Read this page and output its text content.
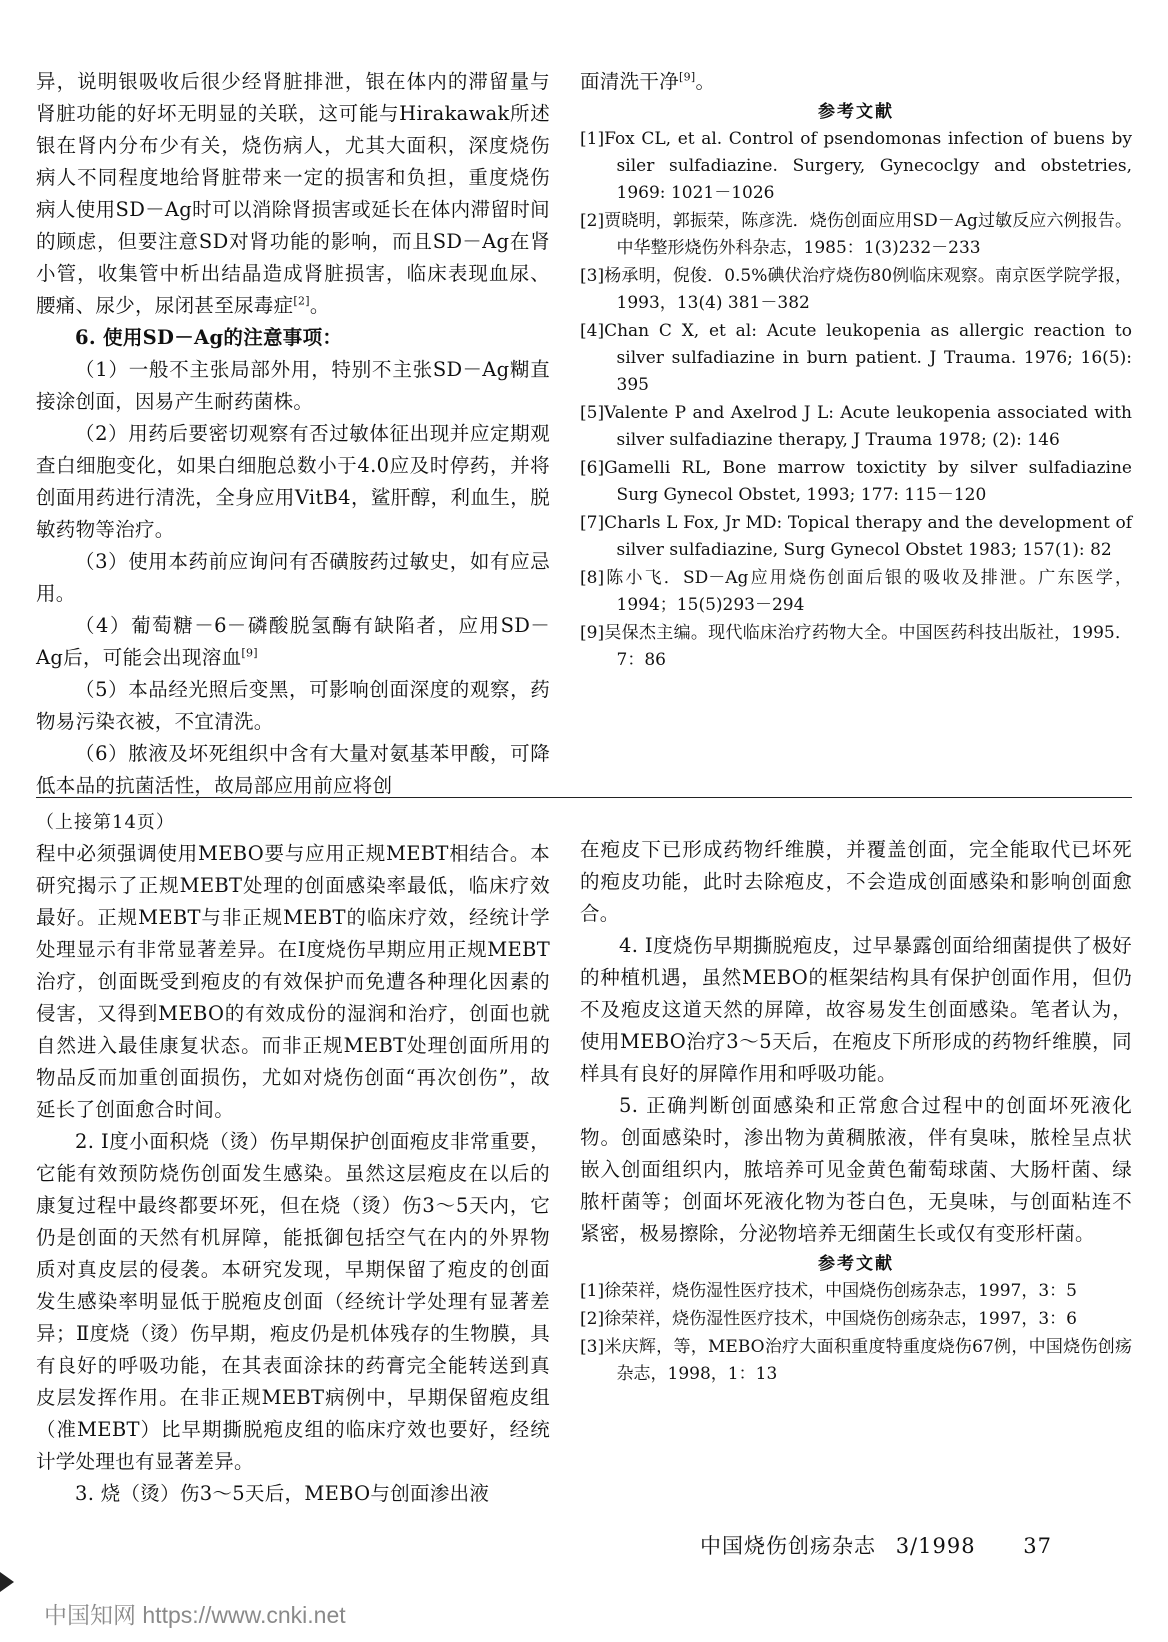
异，说明银吸收后很少经肾脏排泄，银在体内的滞留量与肾脏功能的好坏无明显的关联，这可能与Hirakawak所述银在肾内分布少有关，烧伤病人，尤其大面积，深度烧伤病人不同程度地给肾脏带来一定的损害和负担，重度烧伤病人使用SD－Ag时可以消除肾损害或延长在体内滞留时间的顾虑，但要注意SD对肾功能的影响，而且SD－Ag在肾小管，收集管中析出结晶造成肾脏损害，临床表现血尿、腰痛、尿少，尿闭甚至尿毒症[2]。

6. 使用SD－Ag的注意事项：

（1）一般不主张局部外用，特别不主张SD－Ag糊直接涂创面，因易产生耐药菌株。

（2）用药后要密切观察有否过敏体征出现并应定期观查白细胞变化，如果白细胞总数小于4.0应及时停药，并将创面用药进行清洗，全身应用VitB4，鲨肝醇，利血生，脱敏药物等治疗。

（3）使用本药前应询问有否磺胺药过敏史，如有应忌用。

（4）葡萄糖－6－磷酸脱氢酶有缺陷者，应用SD－Ag后，可能会出现溶血[9]

（5）本品经光照后变黑，可影响创面深度的观察，药物易污染衣被，不宜清洗。

（6）脓液及坏死组织中含有大量对氨基苯甲酸，可降低本品的抗菌活性，故局部应用前应将创

面清洗干净[9]。

参考文献

[1]Fox CL, et al. Control of psendomonas infection of buens by siler sulfadiazine. Surgery, Gynecoclgy and obstetries, 1969: 1021－1026

[2]贾晓明，郭振荣，陈彦洗．烧伤创面应用SD－Ag过敏反应六例报告。中华整形烧伤外科杂志，1985：1(3)232－233

[3]杨承明，倪俊．0.5%碘伏治疗烧伤80例临床观察。南京医学院学报，1993，13(4) 381－382

[4]Chan C X, et al: Acute leukopenia as allergic reaction to silver sulfadiazine in burn patient. J Trauma. 1976; 16(5): 395

[5]Valente P and Axelrod J L: Acute leukopenia associated with silver sulfadiazine therapy, J Trauma 1978; (2): 146

[6]Gamelli RL, Bone marrow toxictity by silver sulfadiazine Surg Gynecol Obstet, 1993; 177: 115－120

[7]Charls L Fox, Jr MD: Topical therapy and the development of silver sulfadiazine, Surg Gynecol Obstet 1983; 157(1): 82

[8]陈小飞．SD－Ag应用烧伤创面后银的吸收及排泄。广东医学，1994；15(5)293－294

[9]吴保杰主编。现代临床治疗药物大全。中国医药科技出版社，1995．7：86

（上接第14页）

程中必须强调使用MEBO要与应用正规MEBT相结合。本研究揭示了正规MEBT处理的创面感染率最低，临床疗效最好。正规MEBT与非正规MEBT的临床疗效，经统计学处理显示有非常显著差异。在Ⅰ度烧伤早期应用正规MEBT治疗，创面既受到疱皮的有效保护而免遭各种理化因素的侵害，又得到MEBO的有效成份的湿润和治疗，创面也就自然进入最佳康复状态。而非正规MEBT处理创面所用的物品反而加重创面损伤，尤如对烧伤创面“再次创伤”，故延长了创面愈合时间。

2. Ⅰ度小面积烧（烫）伤早期保护创面疱皮非常重要，它能有效预防烧伤创面发生感染。虽然这层疱皮在以后的康复过程中最终都要坏死，但在烧（烫）伤3～5天内，它仍是创面的天然有机屏障，能抵御包括空气在内的外界物质对真皮层的侵袭。本研究发现，早期保留了疱皮的创面发生感染率明显低于脱疱皮创面（经统计学处理有显著差异；Ⅱ度烧（烫）伤早期，疱皮仍是机体残存的生物膜，具有良好的呼吸功能，在其表面涂抹的药膏完全能转送到真皮层发挥作用。在非正规MEBT病例中，早期保留疱皮组（准MEBT）比早期撕脱疱皮组的临床疗效也要好，经统计学处理也有显著差异。

3. 烧（烫）伤3～5天后，MEBO与创面渗出液

在疱皮下已形成药物纤维膜，并覆盖创面，完全能取代已坏死的疱皮功能，此时去除疱皮，不会造成创面感染和影响创面愈合。

4. Ⅰ度烧伤早期撕脱疱皮，过早暴露创面给细菌提供了极好的种植机遇，虽然MEBO的框架结构具有保护创面作用，但仍不及疱皮这道天然的屏障，故容易发生创面感染。笔者认为，使用MEBO治疗3～5天后，在疱皮下所形成的药物纤维膜，同样具有良好的屏障作用和呼吸功能。

5. 正确判断创面感染和正常愈合过程中的创面坏死液化物。创面感染时，渗出物为黄稠脓液，伴有臭味，脓栓呈点状嵌入创面组织内，脓培养可见金黄色葡萄球菌、大肠杆菌、绿脓杆菌等；创面坏死液化物为苍白色，无臭味，与创面粘连不紧密，极易擦除，分泌物培养无细菌生长或仅有变形杆菌。

参考文献

[1]徐荣祥，烧伤湿性医疗技术，中国烧伤创疡杂志，1997，3：5

[2]徐荣祥，烧伤湿性医疗技术，中国烧伤创疡杂志，1997，3：6

[3]米庆辉，等，MEBO治疗大面积重度特重度烧伤67例，中国烧伤创疡杂志，1998，1：13

中国烧伤创疡杂志 3/1998 37
中国知网 https://www.cnki.net
